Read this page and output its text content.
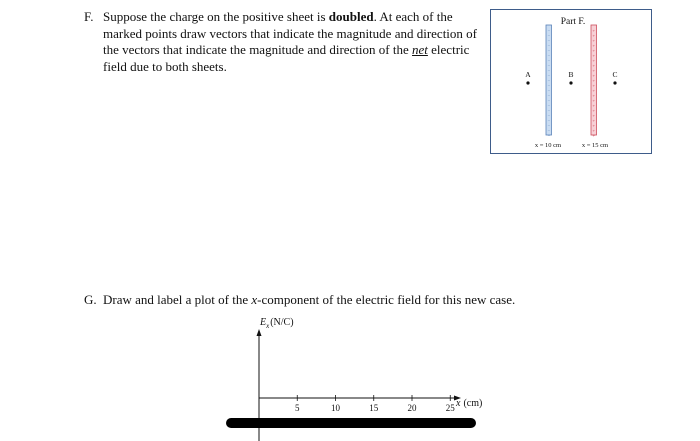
F. Suppose the charge on the positive sheet is doubled. At each of the
marked points draw vectors that indicate the magnitude and direction of
the vectors that indicate the magnitude and direction of the net electric
field due to both sheets.
Part F.
−
−
−
−
−
−
−
−
−
−
−
−
−
−
−
−
−
−
−
−
−
−
+
+
+
+
+
+
+
+
+
+
+
+
+
+
+
+
+
+
+
+
+
+
A	B	C
x = 10 cm	x = 15 cm
G. Draw and label a plot of the x-component of the electric field for this new case.
$E_x(N/C)$
x (cm)
5	10	15	20	25
